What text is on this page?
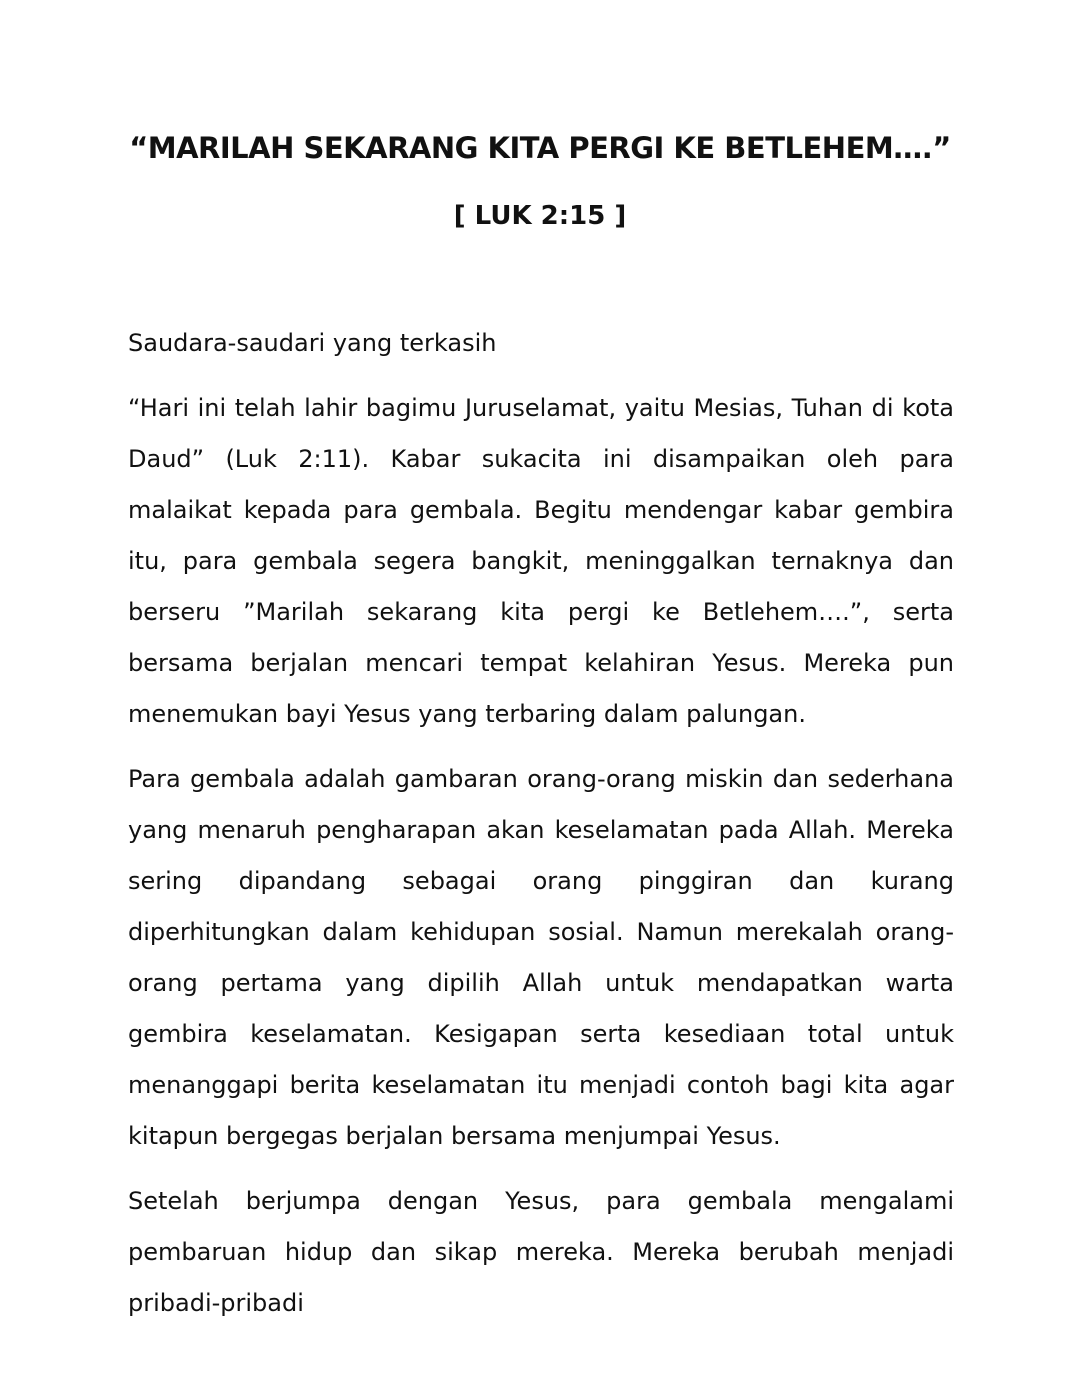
“MARILAH SEKARANG KITA PERGI KE BETLEHEM….”
[ LUK 2:15 ]

Saudara-saudari yang terkasih

“Hari ini telah lahir bagimu Juruselamat, yaitu Mesias, Tuhan di kota Daud” (Luk 2:11). Kabar sukacita ini disampaikan oleh para malaikat kepada para gembala. Begitu mendengar kabar gembira itu, para gembala segera bangkit, meninggalkan ternaknya dan berseru ”Marilah sekarang kita pergi ke Betlehem….”, serta bersama berjalan mencari tempat kelahiran Yesus. Mereka pun menemukan bayi Yesus yang terbaring dalam palungan.

Para gembala adalah gambaran orang-orang miskin dan sederhana yang menaruh pengharapan akan keselamatan pada Allah. Mereka sering dipandang sebagai orang pinggiran dan kurang diperhitungkan dalam kehidupan sosial. Namun merekalah orang-orang pertama yang dipilih Allah untuk mendapatkan warta gembira keselamatan. Kesigapan serta kesediaan total untuk menanggapi berita keselamatan itu menjadi contoh bagi kita agar kitapun bergegas berjalan bersama menjumpai Yesus.

Setelah berjumpa dengan Yesus, para gembala mengalami pembaruan hidup dan sikap mereka. Mereka berubah menjadi pribadi-pribadi
